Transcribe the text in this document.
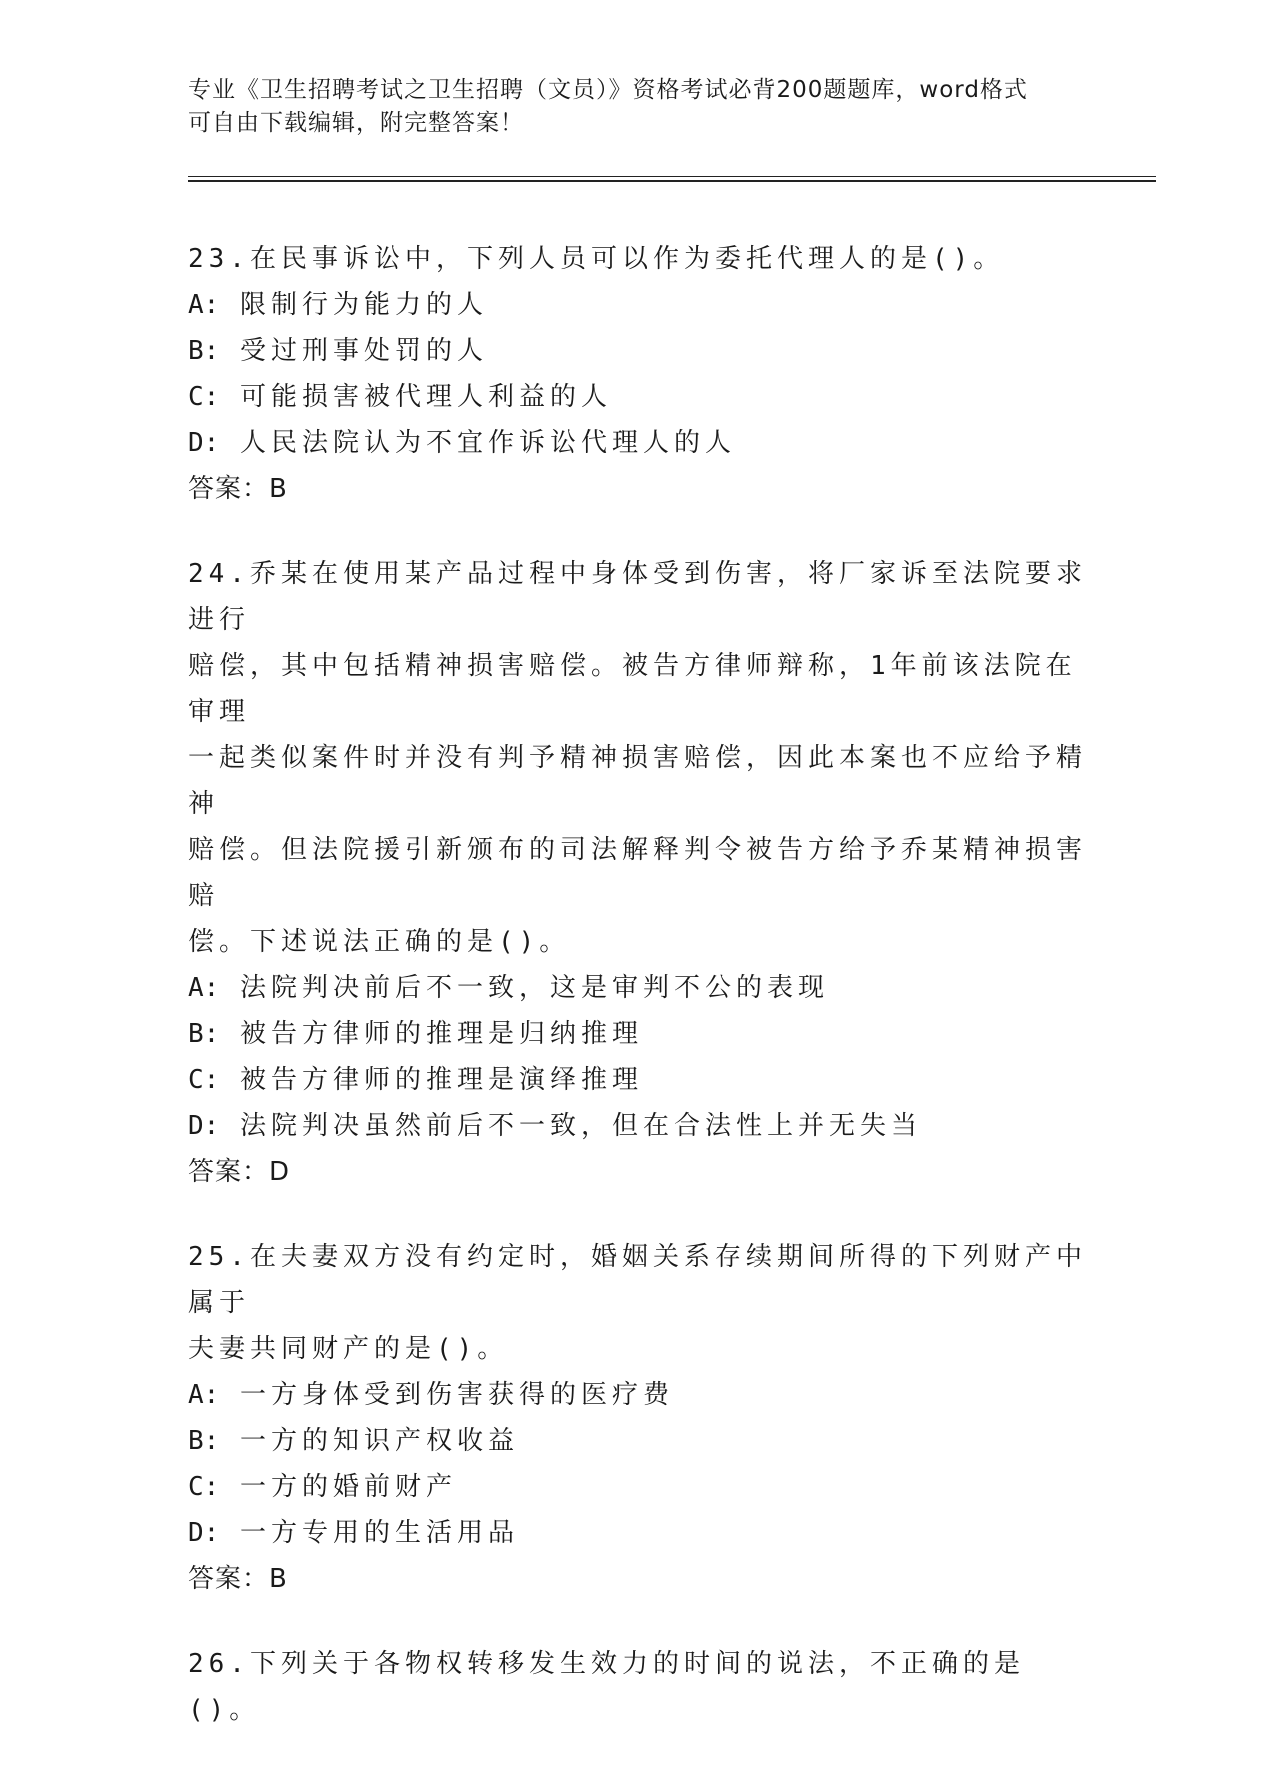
专业《卫生招聘考试之卫生招聘（文员）》资格考试必背200题题库，word格式
可自由下载编辑，附完整答案！
23.在民事诉讼中，下列人员可以作为委托代理人的是()。
A: 限制行为能力的人
B: 受过刑事处罚的人
C: 可能损害被代理人利益的人
D: 人民法院认为不宜作诉讼代理人的人
答案：B
24.乔某在使用某产品过程中身体受到伤害，将厂家诉至法院要求进行
赔偿，其中包括精神损害赔偿。被告方律师辩称，1年前该法院在审理
一起类似案件时并没有判予精神损害赔偿，因此本案也不应给予精神
赔偿。但法院援引新颁布的司法解释判令被告方给予乔某精神损害赔
偿。下述说法正确的是()。
A: 法院判决前后不一致，这是审判不公的表现
B: 被告方律师的推理是归纳推理
C: 被告方律师的推理是演绎推理
D: 法院判决虽然前后不一致，但在合法性上并无失当
答案：D
25.在夫妻双方没有约定时，婚姻关系存续期间所得的下列财产中属于
夫妻共同财产的是()。
A: 一方身体受到伤害获得的医疗费
B: 一方的知识产权收益
C: 一方的婚前财产
D: 一方专用的生活用品
答案：B
26.下列关于各物权转移发生效力的时间的说法，不正确的是()。
